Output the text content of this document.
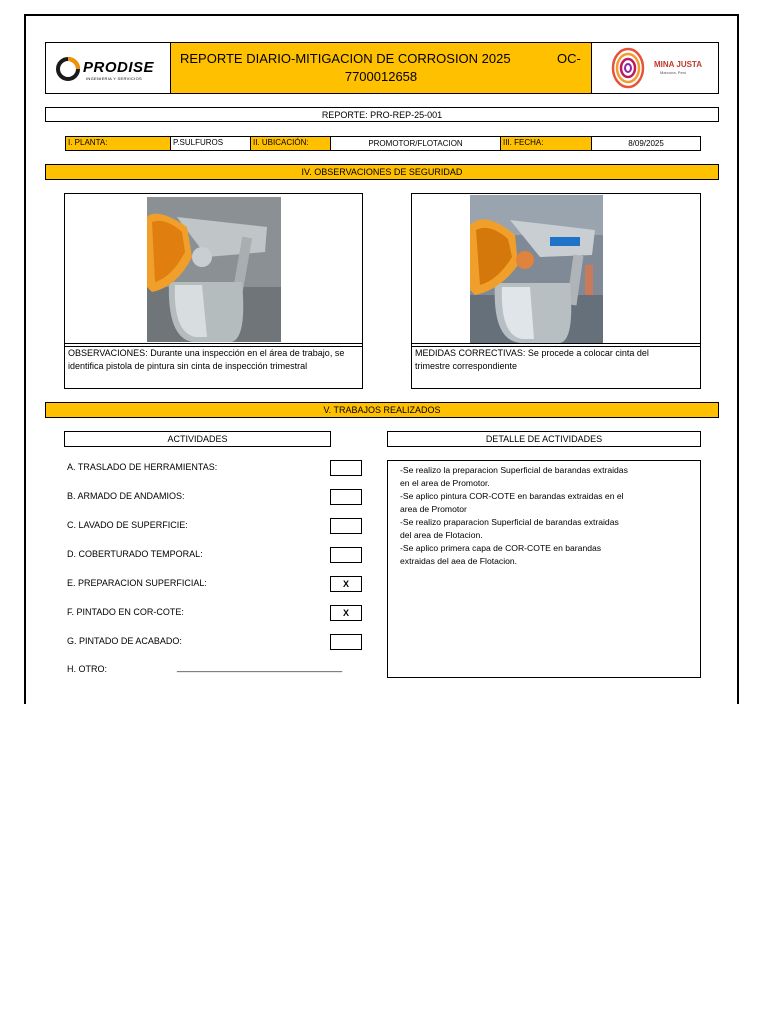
PRODISE
INGENIERIA Y SERVICIOS
REPORTE DIARIO-MITIGACION DE CORROSION 2025	OC-
7700012658
MINA JUSTA
Marcona, Perú
REPORTE: PRO-REP-25-001
I. PLANTA:	P.SULFUROS	II. UBICACIÓN:	PROMOTOR/FLOTACION	III. FECHA:	8/09/2025
IV. OBSERVACIONES DE SEGURIDAD
OBSERVACIONES: Durante una inspección en el área de trabajo, se identifica pistola de pintura sin cinta de inspección trimestral
MEDIDAS CORRECTIVAS: Se procede a colocar cinta del trimestre correspondiente
V. TRABAJOS REALIZADOS
ACTIVIDADES	DETALLE DE ACTIVIDADES
A. TRASLADO DE HERRAMIENTAS:
B. ARMADO DE ANDAMIOS:
C. LAVADO DE SUPERFICIE:
D. COBERTURADO TEMPORAL:
E. PREPARACION SUPERFICIAL:	X
F. PINTADO EN COR-COTE:	X
G. PINTADO DE ACABADO:
H. OTRO:	_________________________________
-Se realizo la preparacion Superficial de barandas extraidas
en el area de Promotor.
-Se aplico pintura COR-COTE en barandas extraidas en el
area de Promotor
-Se realizo praparacion Superficial de barandas extraidas
del area de Flotacion.
-Se aplico primera capa de COR-COTE en barandas
extraidas del aea de Flotacion.
